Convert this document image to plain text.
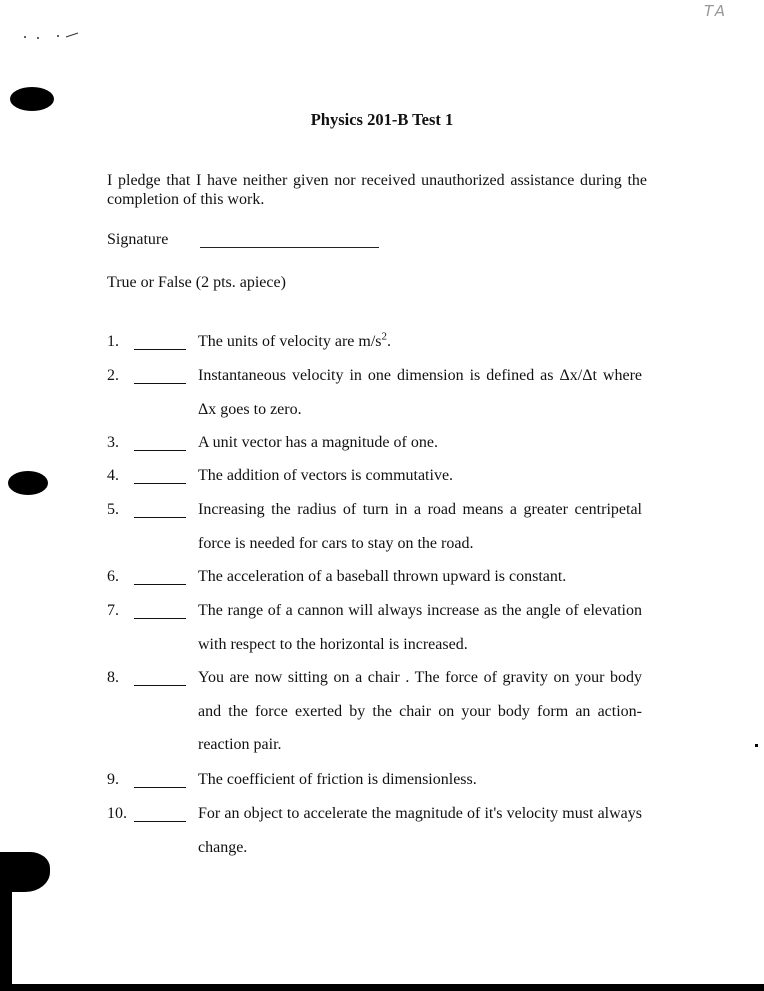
TA
Physics 201-B Test 1
I pledge that I have neither given nor received unauthorized assistance during the completion of this work.
Signature
True or False (2 pts. apiece)
1.	The units of velocity are $m/s^2$.
2.	Instantaneous velocity in one dimension is defined as Δx/Δt where Δx goes to zero.
3.	A unit vector has a magnitude of one.
4.	The addition of vectors is commutative.
5.	Increasing the radius of turn in a road means a greater centripetal force is needed for cars to stay on the road.
6.	The acceleration of a baseball thrown upward is constant.
7.	The range of a cannon will always increase as the angle of elevation with respect to the horizontal is increased.
8.	You are now sitting on a chair . The force of gravity on your body and the force exerted by the chair on your body form an action-reaction pair.
9.	The coefficient of friction is dimensionless.
10.	For an object to accelerate the magnitude of it's velocity must always change.
